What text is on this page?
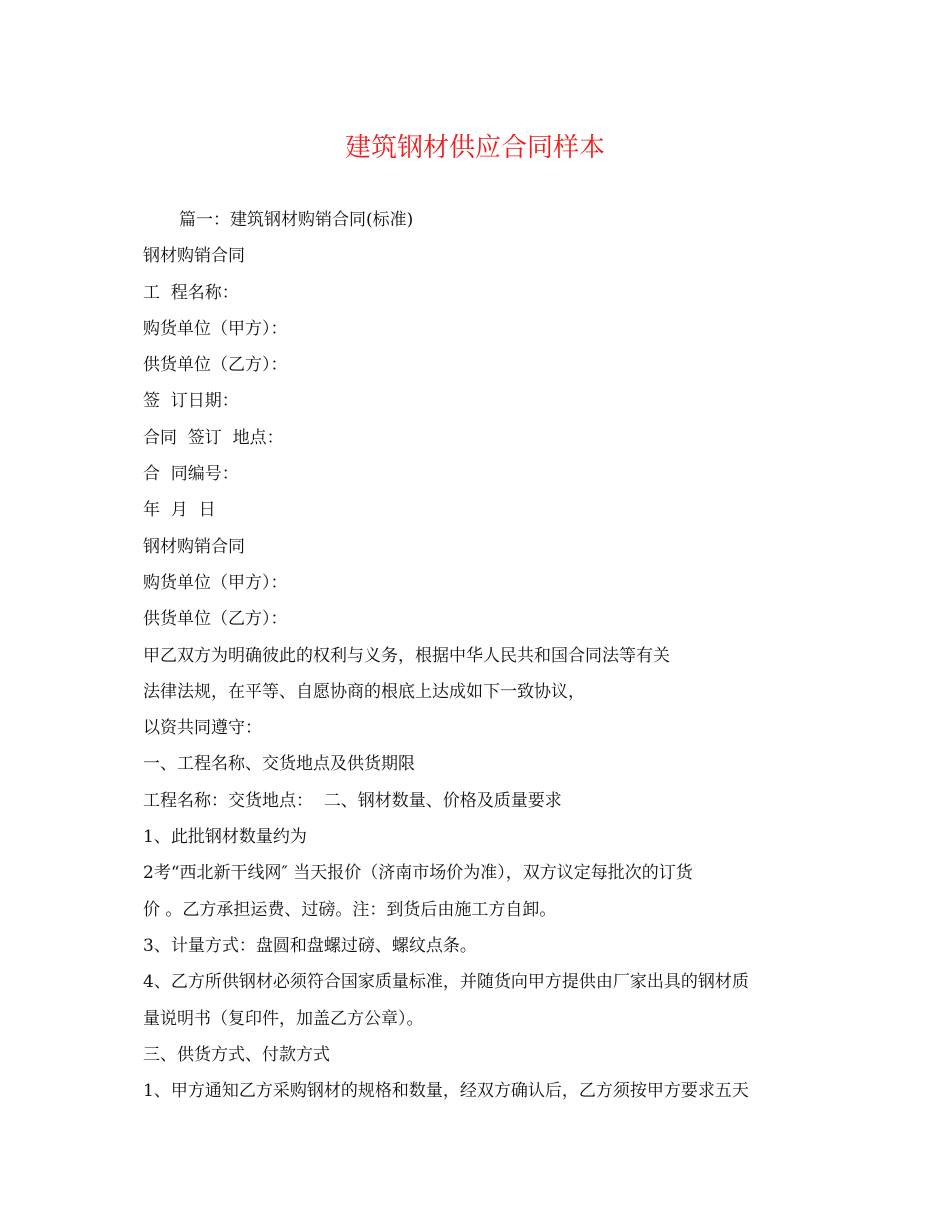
建筑钢材供应合同样本

篇一：建筑钢材购销合同(标准)

钢材购销合同

工  程名称：

购货单位（甲方）：

供货单位（乙方）：

签  订日期：

合同  签订  地点：

合  同编号：

年  月  日

钢材购销合同

购货单位（甲方）：

供货单位（乙方）：

甲乙双方为明确彼此的权利与义务，根据中华人民共和国合同法等有关

法律法规，在平等、自愿协商的根底上达成如下一致协议，

以资共同遵守：

一、工程名称、交货地点及供货期限

工程名称：交货地点：  二、钢材数量、价格及质量要求

1、此批钢材数量约为

2考“西北新干线网″ 当天报价（济南市场价为准），双方议定每批次的订货

价 。乙方承担运费、过磅。注：到货后由施工方自卸。

3、计量方式：盘圆和盘螺过磅、螺纹点条。

4、乙方所供钢材必须符合国家质量标准，并随货向甲方提供由厂家出具的钢材质

量说明书（复印件，加盖乙方公章）。

三、供货方式、付款方式

1、甲方通知乙方采购钢材的规格和数量，经双方确认后，乙方须按甲方要求五天
